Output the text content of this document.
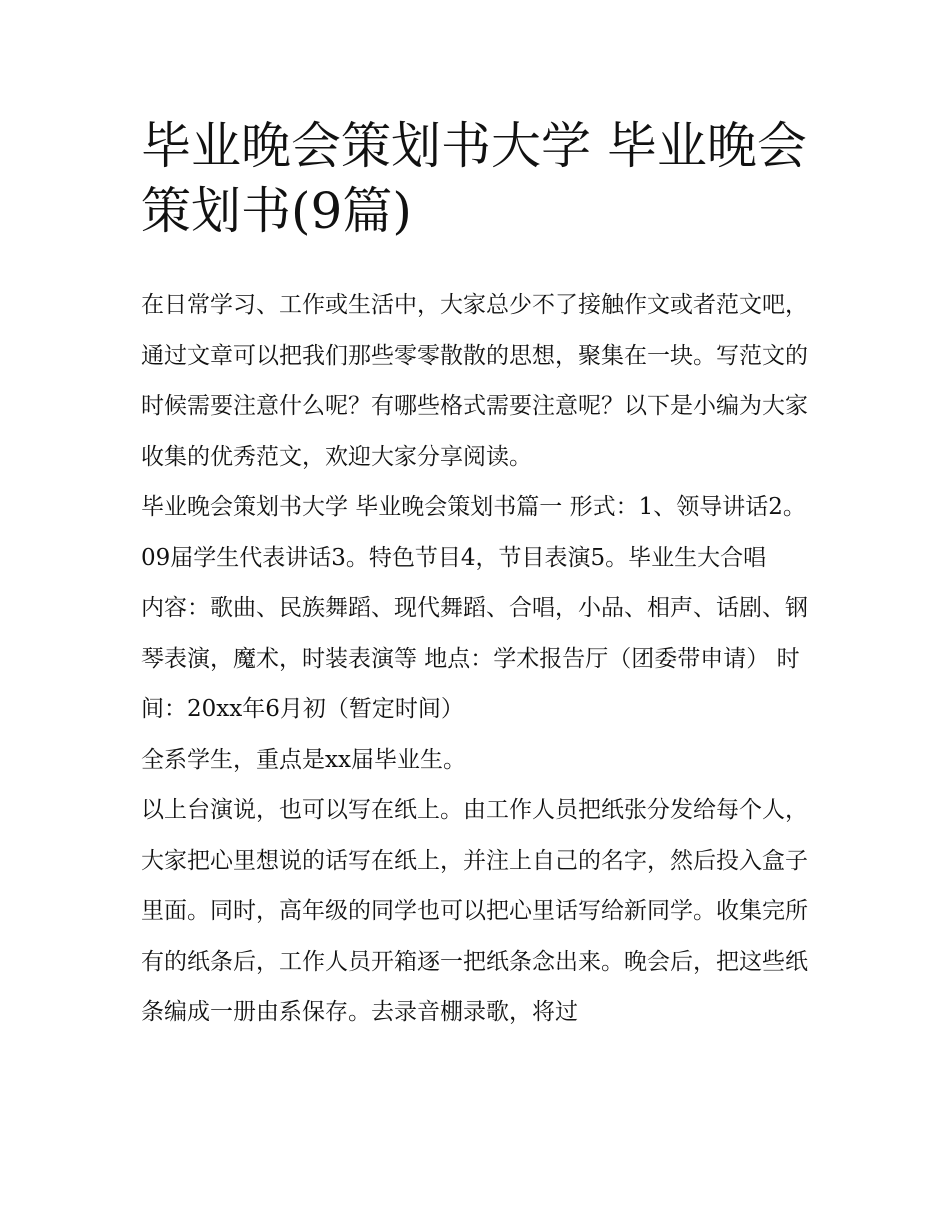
毕业晚会策划书大学 毕业晚会策划书(9篇)

在日常学习、工作或生活中，大家总少不了接触作文或者范文吧，通过文章可以把我们那些零零散散的思想，聚集在一块。写范文的时候需要注意什么呢？有哪些格式需要注意呢？以下是小编为大家收集的优秀范文，欢迎大家分享阅读。

毕业晚会策划书大学 毕业晚会策划书篇一 形式：1、领导讲话2。09届学生代表讲话3。特色节目4，节目表演5。毕业生大合唱

内容：歌曲、民族舞蹈、现代舞蹈、合唱，小品、相声、话剧、钢琴表演，魔术，时装表演等 地点：学术报告厅（团委带申请） 时间：20xx年6月初（暂定时间）

全系学生，重点是xx届毕业生。

以上台演说，也可以写在纸上。由工作人员把纸张分发给每个人，大家把心里想说的话写在纸上，并注上自己的名字，然后投入盒子里面。同时，高年级的同学也可以把心里话写给新同学。收集完所有的纸条后，工作人员开箱逐一把纸条念出来。晚会后，把这些纸条编成一册由系保存。去录音棚录歌，将过
